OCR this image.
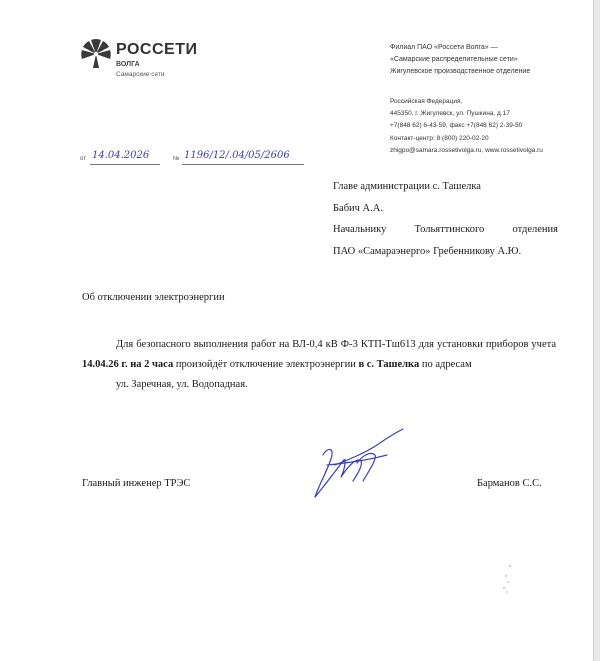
РОССЕТИ
ВОЛГА
Самарские сети
Филиал ПАО «Россети Волга» —
«Самарские распределительные сети»
Жигулевское производственное отделение
Российская Федерация,
445350, г. Жигулевск, ул. Пушкина, д.17
+7(848 62) 6-43-59, факс +7(848 62) 2-39-50
Контакт-центр: 8 (800) 220-02-20
zhigpo@samara.rossetivolga.ru, www.rossetivolga.ru
от 14.04.2026	№ 1196/12/.04/05/2606
Главе администрации с. Ташелка
Бабич А.А.
Начальнику Тольяттинского отделения
ПАО «Самараэнерго» Гребенникову А.Ю.
Об отключении электроэнергии

Для безопасного выполнения работ на ВЛ-0,4 кВ Ф-3 КТП-Тш613 для установки приборов учета 14.04.26 г. на 2 часа произойдёт отключение электроэнергии в с. Ташелка по адресам

ул. Заречная, ул. Водопадная.

Главный инженер ТРЭС	Барманов С.С.
